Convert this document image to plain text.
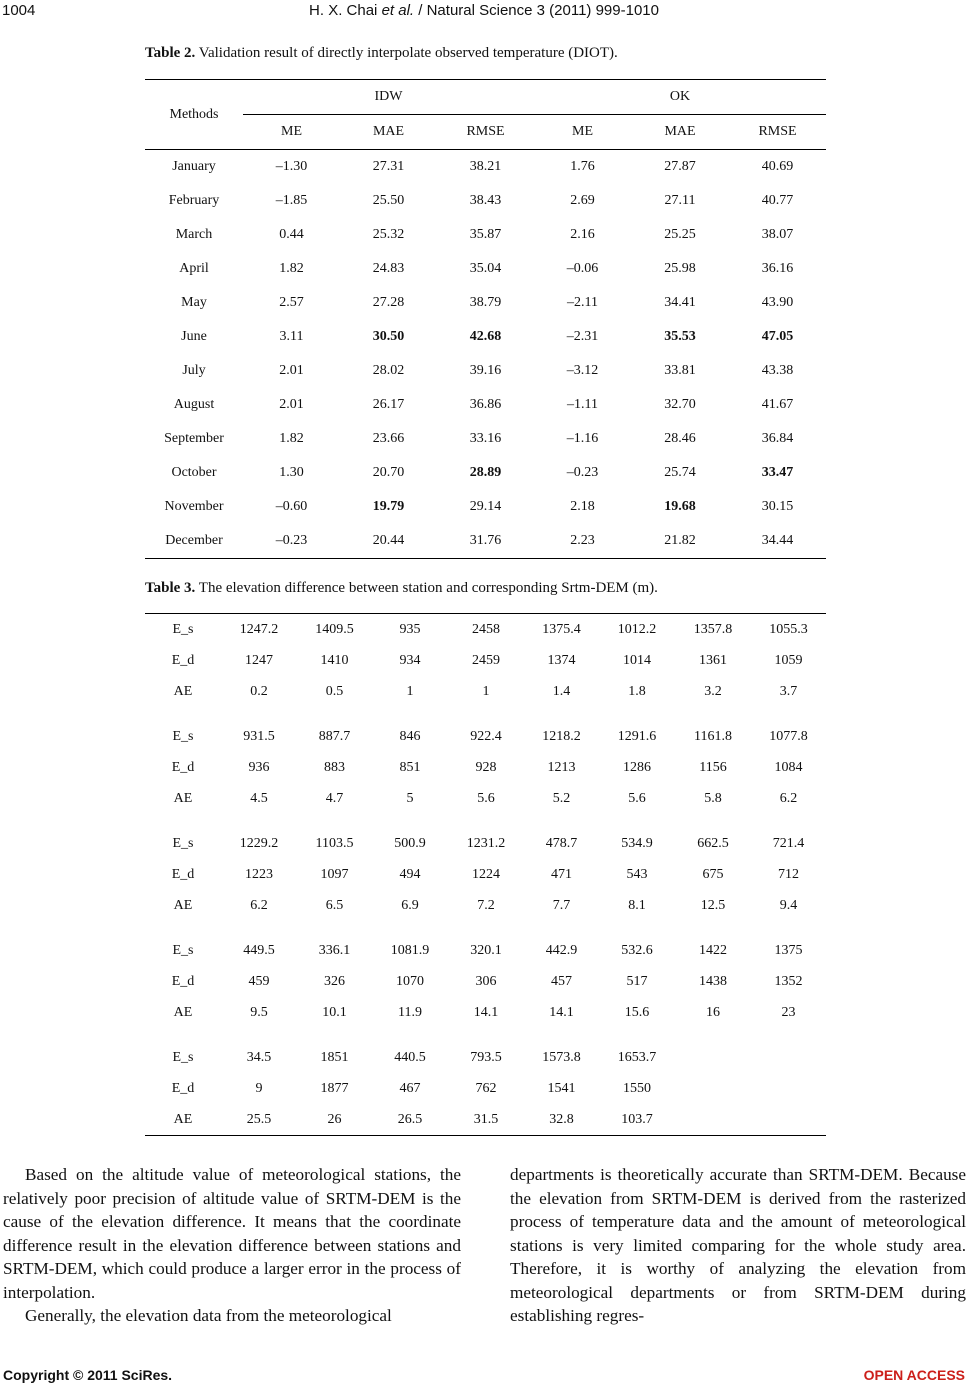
1004	H. X. Chai et al. / Natural Science 3 (2011) 999-1010
Table 2. Validation result of directly interpolate observed temperature (DIOT).
Methods	IDW			OK		
	ME	MAE	RMSE	ME	MAE	RMSE
January	–1.30	27.31	38.21	1.76	27.87	40.69
February	–1.85	25.50	38.43	2.69	27.11	40.77
March	0.44	25.32	35.87	2.16	25.25	38.07
April	1.82	24.83	35.04	–0.06	25.98	36.16
May	2.57	27.28	38.79	–2.11	34.41	43.90
June	3.11	30.50	42.68	–2.31	35.53	47.05
July	2.01	28.02	39.16	–3.12	33.81	43.38
August	2.01	26.17	36.86	–1.11	32.70	41.67
September	1.82	23.66	33.16	–1.16	28.46	36.84
October	1.30	20.70	28.89	–0.23	25.74	33.47
November	–0.60	19.79	29.14	2.18	19.68	30.15
December	–0.23	20.44	31.76	2.23	21.82	34.44
Table 3. The elevation difference between station and corresponding Srtm-DEM (m).
E_s	1247.2	1409.5	935	2458	1375.4	1012.2	1357.8	1055.3
E_d	1247	1410	934	2459	1374	1014	1361	1059
AE	0.2	0.5	1	1	1.4	1.8	3.2	3.7

E_s	931.5	887.7	846	922.4	1218.2	1291.6	1161.8	1077.8
E_d	936	883	851	928	1213	1286	1156	1084
AE	4.5	4.7	5	5.6	5.2	5.6	5.8	6.2

E_s	1229.2	1103.5	500.9	1231.2	478.7	534.9	662.5	721.4
E_d	1223	1097	494	1224	471	543	675	712
AE	6.2	6.5	6.9	7.2	7.7	8.1	12.5	9.4

E_s	449.5	336.1	1081.9	320.1	442.9	532.6	1422	1375
E_d	459	326	1070	306	457	517	1438	1352
AE	9.5	10.1	11.9	14.1	14.1	15.6	16	23

E_s	34.5	1851	440.5	793.5	1573.8	1653.7		
E_d	9	1877	467	762	1541	1550		
AE	25.5	26	26.5	31.5	32.8	103.7		

Based on the altitude value of meteorological stations, the relatively poor precision of altitude value of SRTM-DEM is the cause of the elevation difference. It means that the coordinate difference result in the elevation difference between stations and SRTM-DEM, which could produce a larger error in the process of interpolation.

Generally, the elevation data from the meteorological

departments is theoretically accurate than SRTM-DEM. Because the elevation from SRTM-DEM is derived from the rasterized process of temperature data and the amount of meteorological stations is very limited comparing for the whole study area. Therefore, it is worthy of analyzing the elevation from meteorological departments or from SRTM-DEM during establishing regres-

Copyright © 2011 SciRes.	OPEN ACCESS
